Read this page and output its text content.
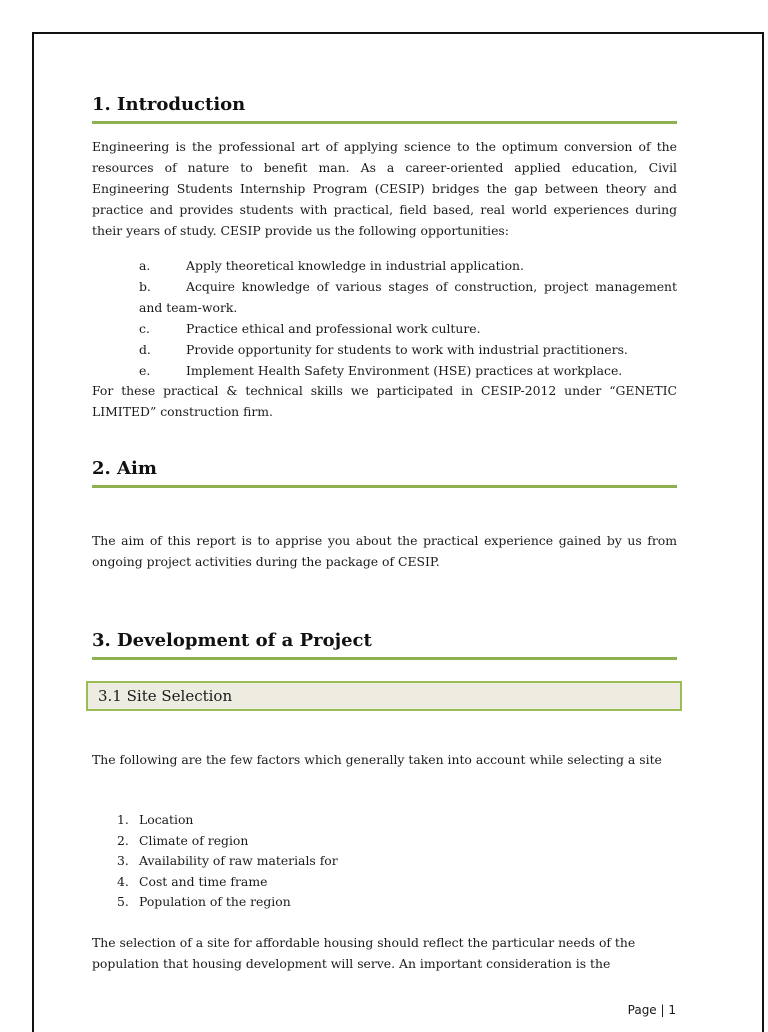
1. Introduction
Engineering is the professional art of applying science to the optimum conversion of the resources of nature to benefit man. As a career-oriented applied education, Civil Engineering Students Internship Program (CESIP) bridges the gap between theory and practice and provides students with practical, field based, real world experiences during their years of study. CESIP provide us the following opportunities:
a.	Apply theoretical knowledge in industrial application.
b.	Acquire knowledge of various stages of construction, project management and team-work.
c.	Practice ethical and professional work culture.
d.	Provide opportunity for students to work with industrial practitioners.
e.	Implement Health Safety Environment (HSE) practices at workplace.
For these practical & technical skills we participated in CESIP-2012 under “GENETIC LIMITED” construction firm.
2. Aim
The aim of this report is to apprise you about the practical experience gained by us from ongoing project activities during the package of CESIP.
3. Development of a Project
3.1 Site Selection
The following are the few factors which generally taken into account while selecting a site
1. Location
2. Climate of region
3. Availability of raw materials for
4. Cost and time frame
5. Population of the region
The selection of a site for affordable housing should reflect the particular needs of the population that housing development will serve. An important consideration is the
Page | 1
